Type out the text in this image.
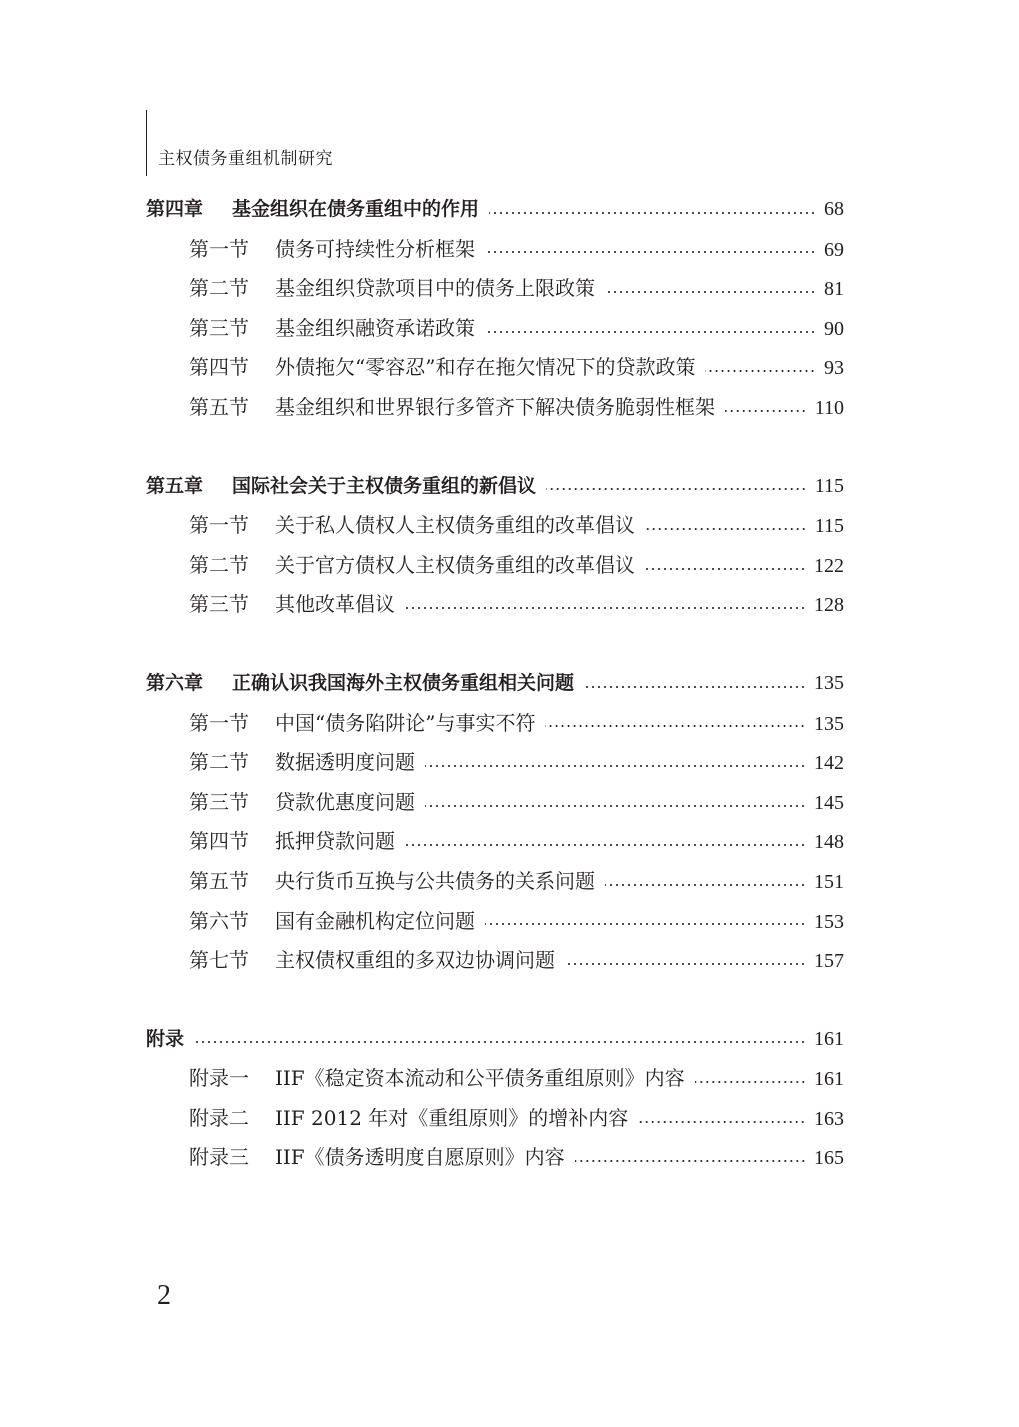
主权债务重组机制研究
第四章	基金组织在债务重组中的作用	68
第一节	债务可持续性分析框架	69
第二节	基金组织贷款项目中的债务上限政策	81
第三节	基金组织融资承诺政策	90
第四节	外债拖欠“零容忍”和存在拖欠情况下的贷款政策	93
第五节	基金组织和世界银行多管齐下解决债务脆弱性框架	110
第五章	国际社会关于主权债务重组的新倡议	115
第一节	关于私人债权人主权债务重组的改革倡议	115
第二节	关于官方债权人主权债务重组的改革倡议	122
第三节	其他改革倡议	128
第六章	正确认识我国海外主权债务重组相关问题	135
第一节	中国“债务陷阱论”与事实不符	135
第二节	数据透明度问题	142
第三节	贷款优惠度问题	145
第四节	抵押贷款问题	148
第五节	央行货币互换与公共债务的关系问题	151
第六节	国有金融机构定位问题	153
第七节	主权债权重组的多双边协调问题	157
附录	161
附录一	IIF《稳定资本流动和公平债务重组原则》内容	161
附录二	IIF 2012 年对《重组原则》的增补内容	163
附录三	IIF《债务透明度自愿原则》内容	165
2
